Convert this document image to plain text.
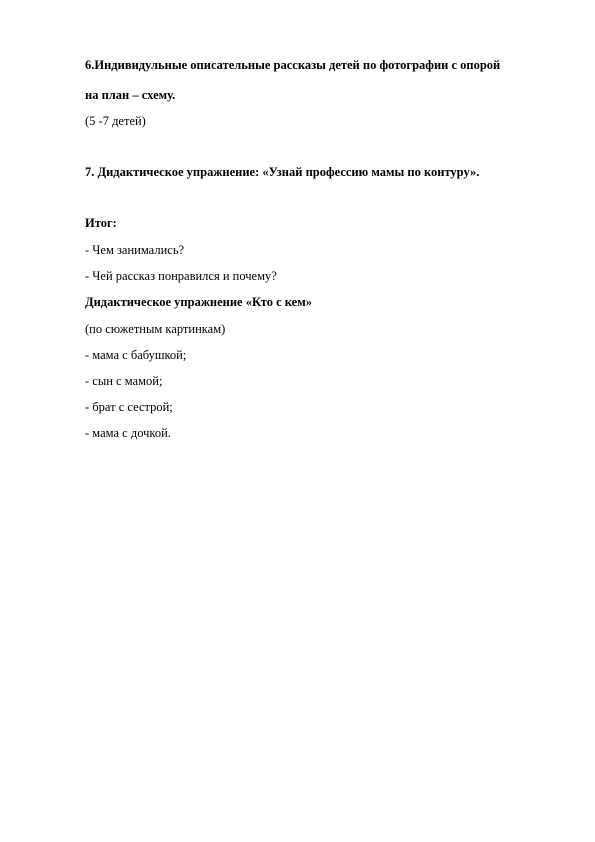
6.Индивидульные описательные рассказы детей по фотографии с опорой
на план – схему.
(5 -7 детей)
7. Дидактическое упражнение: «Узнай профессию мамы по контуру».
Итог:
- Чем занимались?
- Чей рассказ понравился и почему?
Дидактическое упражнение «Кто с кем»
(по сюжетным картинкам)
- мама с бабушкой;
- сын с мамой;
- брат с сестрой;
- мама с дочкой.
